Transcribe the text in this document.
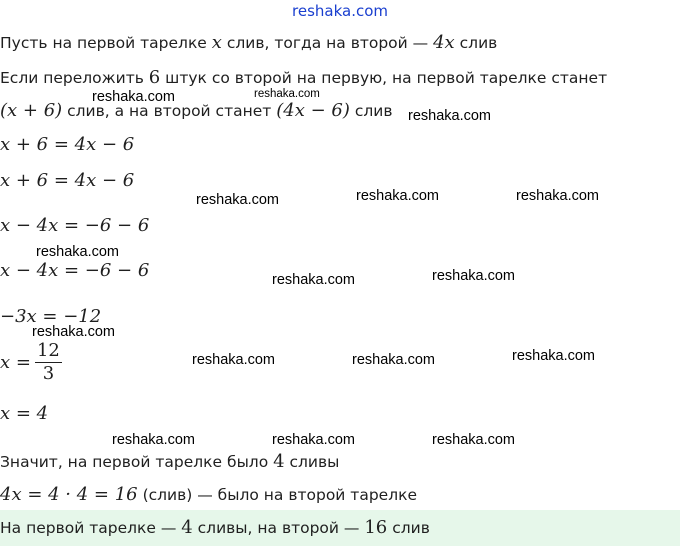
reshaka.com
Пусть на первой тарелке x слив, тогда на второй — 4x слив
Если переложить 6 штук со второй на первую, на первой тарелке станет
(x + 6) слив, а на второй станет (4x − 6) слив
x + 6 = 4x − 6
x + 6 = 4x − 6
x − 4x = −6 − 6
x − 4x = −6 − 6
−3x = −12
$x = \frac{12}{3}$
x = 4
Значит, на первой тарелке было 4 сливы
4x = 4 · 4 = 16 (слив) — было на второй тарелке
На первой тарелке — 4 сливы, на второй — 16 слив
reshaka.com	reshaka.com
reshaka.com
reshaka.com	reshaka.com	reshaka.com
reshaka.com
reshaka.com	reshaka.com
reshaka.com
reshaka.com	reshaka.com	reshaka.com
reshaka.com	reshaka.com	reshaka.com
